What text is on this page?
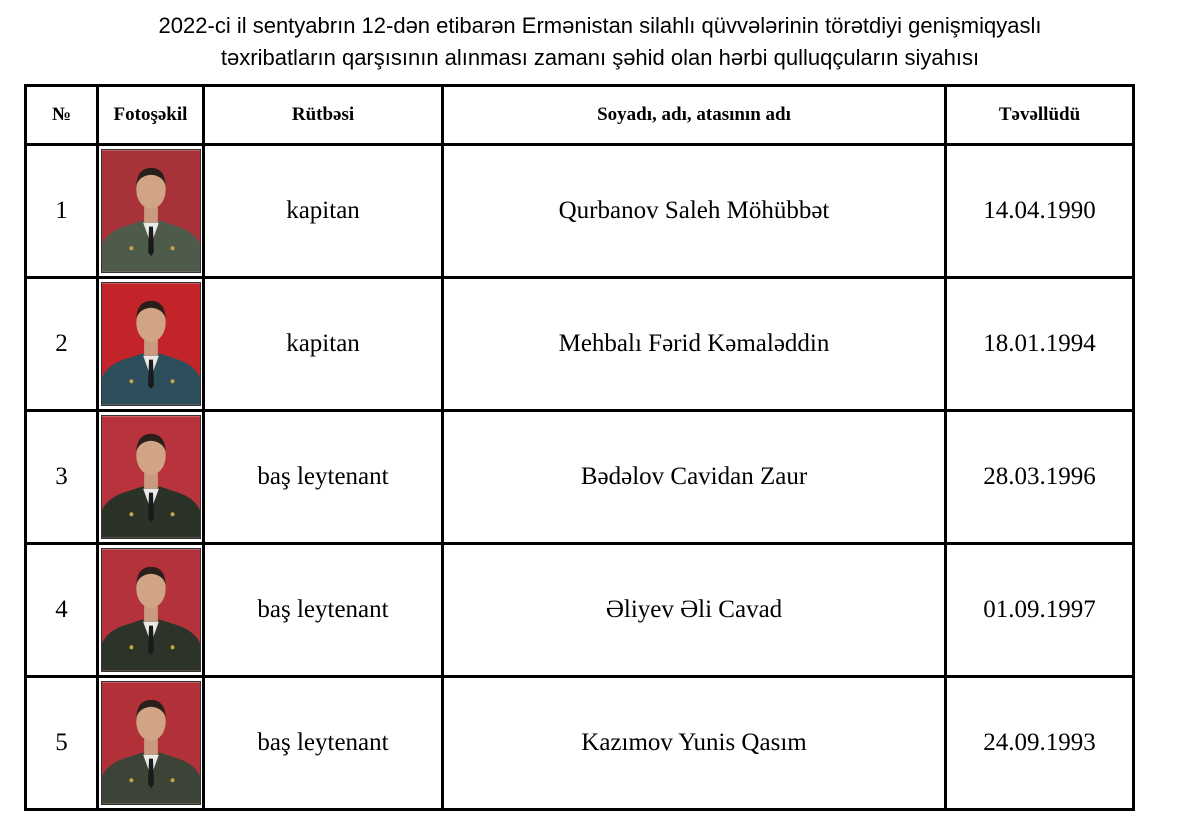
2022-ci il sentyabrın 12-dən etibarən Ermənistan silahlı qüvvələrinin törətdiyi genişmiqyaslı
təxribatların qarşısının alınması zamanı şəhid olan hərbi qulluqçuların siyahısı
№	Fotoşəkil	Rütbəsi	Soyadı, adı, atasının adı	Təvəllüdü
1		kapitan	Qurbanov Saleh Möhübbət	14.04.1990
2		kapitan	Mehbalı Fərid Kəmaləddin	18.01.1994
3		baş leytenant	Bədəlov Cavidan Zaur	28.03.1996
4		baş leytenant	Əliyev Əli Cavad	01.09.1997
5		baş leytenant	Kazımov Yunis Qasım	24.09.1993
